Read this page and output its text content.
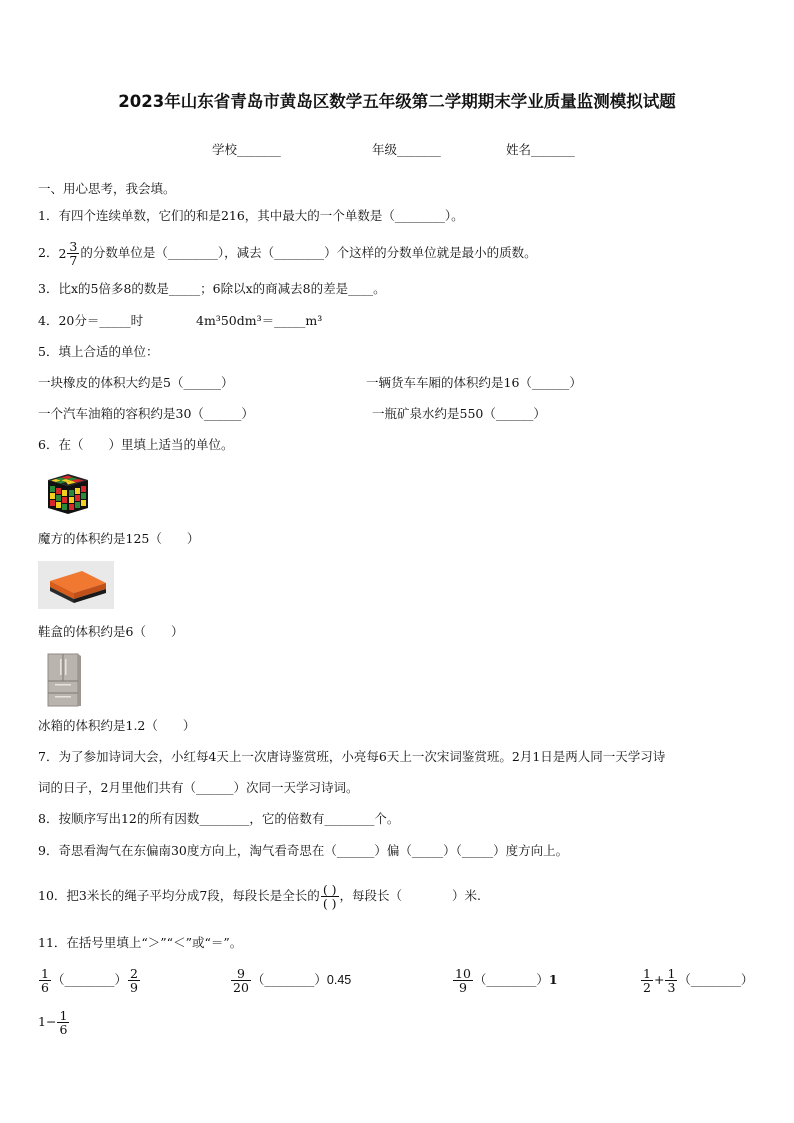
2023年山东省青岛市黄岛区数学五年级第二学期期末学业质量监测模拟试题
学校_______	年级_______	姓名_______
一、用心思考，我会填。
1．有四个连续单数，它们的和是216，其中最大的一个单数是（________）。
2．$2 \frac{3}{7}$ 的分数单位是（________），减去（________）个这样的分数单位就是最小的质数。
3．比x的5倍多8的数是_____；6除以x的商减去8的差是____。
4．20分＝_____时	4m³50dm³＝_____m³
5．填上合适的单位：
一块橡皮的体积大约是5（______）	一辆货车车厢的体积约是16（______）
一个汽车油箱的容积约是30（______）	一瓶矿泉水约是550（______）
6．在（　　）里填上适当的单位。
魔方的体积约是125（　　）
鞋盒的体积约是6（　　）
冰箱的体积约是1.2（　　）
7．为了参加诗词大会，小红每4天上一次唐诗鉴赏班，小亮每6天上一次宋词鉴赏班。2月1日是两人同一天学习诗
词的日子，2月里他们共有（______）次同一天学习诗词。
8．按顺序写出12的所有因数________，它的倍数有________个。
9．奇思看淘气在东偏南30度方向上，淘气看奇思在（______）偏（_____）（_____）度方向上。
10．把3米长的绳子平均分成7段，每段长是全长的 $\frac{( )}{( )}$ ，每段长（　　　　）米.
11．在括号里填上“＞”“＜”或“＝”。
$\frac{1}{6}$ （________） $\frac{2}{9}$	$\frac{9}{20}$ （________）0.45	$\frac{10}{9}$ （________）1	$\frac{1}{2} + \frac{1}{3}$ （________）
$1- \frac{1}{6}$
